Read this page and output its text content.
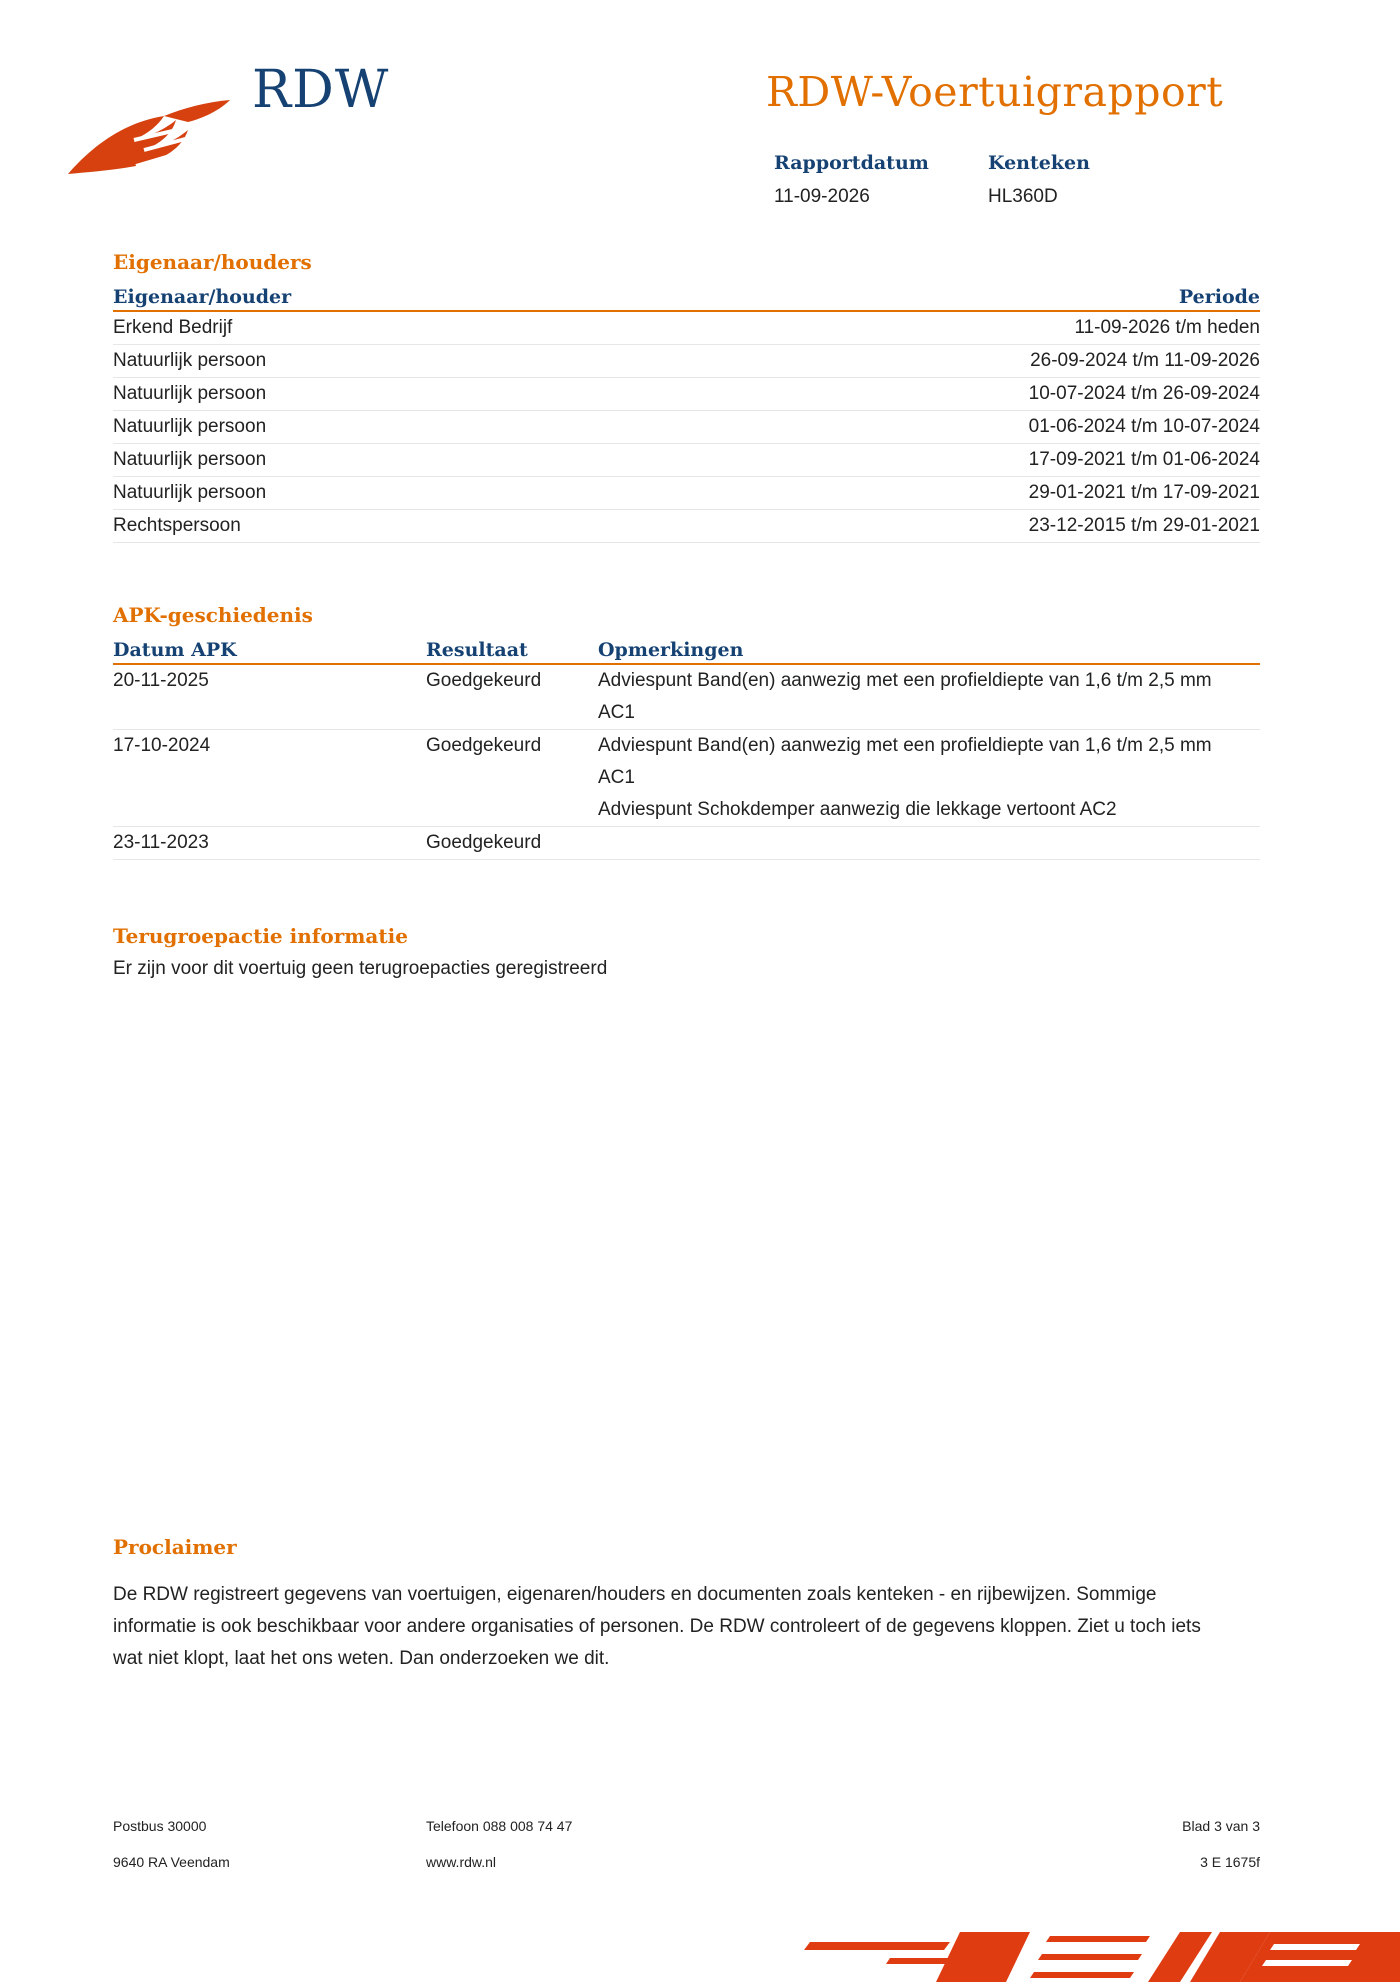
RDW	RDW-Voertuigrapport
Rapportdatum
11-09-2026
Kenteken
HL360D
Eigenaar/houders
Eigenaar/houder	Periode
Erkend Bedrijf	11-09-2026 t/m heden
Natuurlijk persoon	26-09-2024 t/m 11-09-2026
Natuurlijk persoon	10-07-2024 t/m 26-09-2024
Natuurlijk persoon	01-06-2024 t/m 10-07-2024
Natuurlijk persoon	17-09-2021 t/m 01-06-2024
Natuurlijk persoon	29-01-2021 t/m 17-09-2021
Rechtspersoon	23-12-2015 t/m 29-01-2021
APK-geschiedenis
Datum APK	Resultaat	Opmerkingen
20-11-2025	Goedgekeurd	Adviespunt Band(en) aanwezig met een profieldiepte van 1,6 t/m 2,5 mm AC1

17-10-2024	Goedgekeurd	Adviespunt Band(en) aanwezig met een profieldiepte van 1,6 t/m 2,5 mm AC1
Adviespunt Schokdemper aanwezig die lekkage vertoont AC2

23-11-2023	Goedgekeurd	
Terugroepactie informatie
Er zijn voor dit voertuig geen terugroepacties geregistreerd
Proclaimer
De RDW registreert gegevens van voertuigen, eigenaren/houders en documenten zoals kenteken - en rijbewijzen. Sommige informatie is ook beschikbaar voor andere organisaties of personen. De RDW controleert of de gegevens kloppen. Ziet u toch iets wat niet klopt, laat het ons weten. Dan onderzoeken we dit.
Postbus 30000
9640 RA Veendam
Telefoon 088 008 74 47
www.rdw.nl
Blad 3 van 3
3 E 1675f
